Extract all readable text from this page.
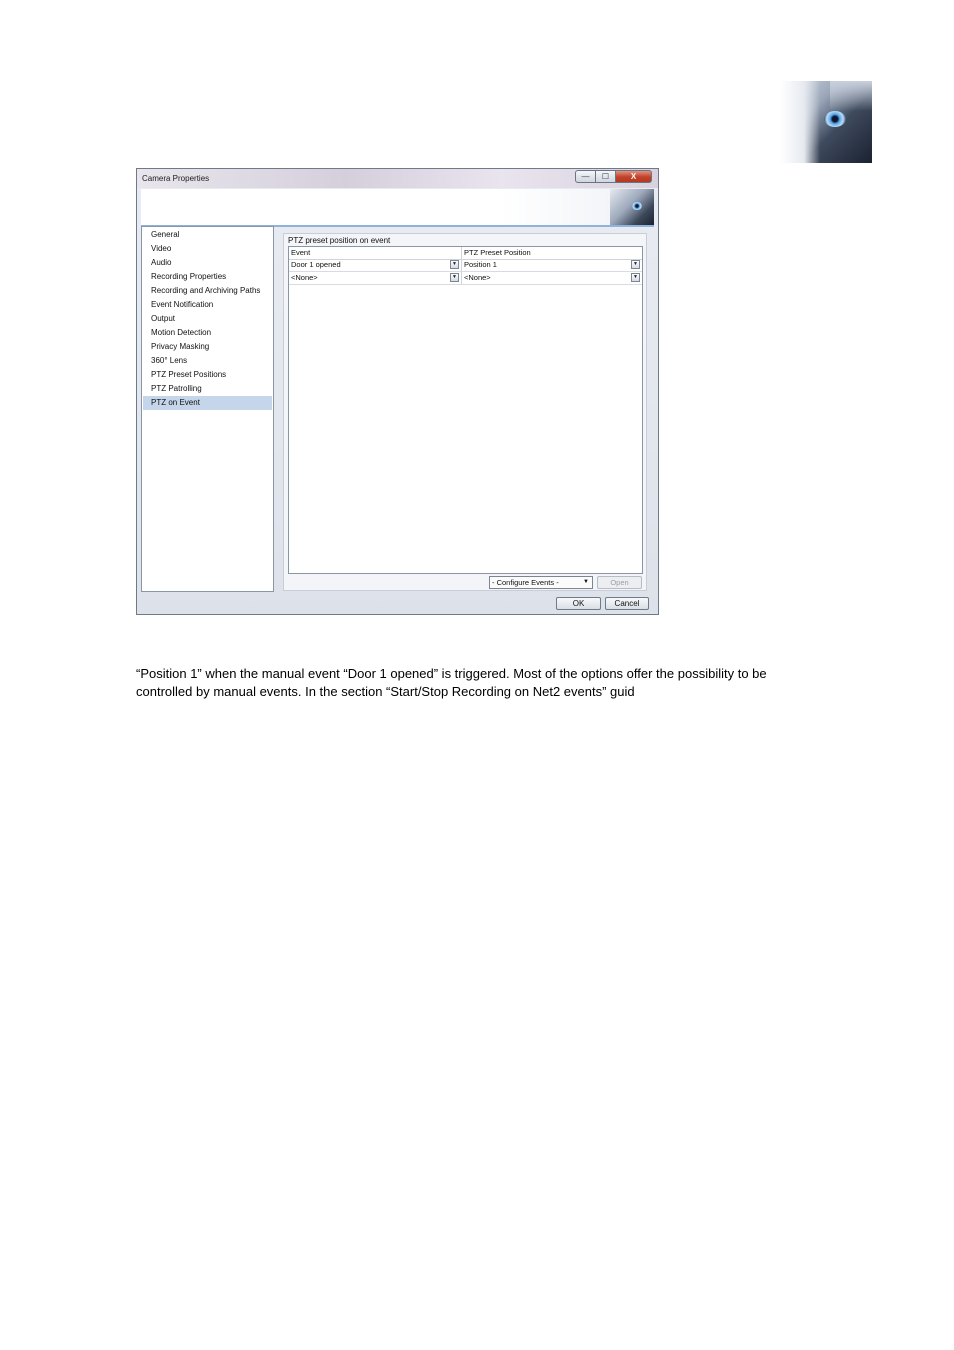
Camera Properties	— ☐	X
General
Video
Audio
Recording Properties
Recording and Archiving Paths
Event Notification
Output
Motion Detection
Privacy Masking
360° Lens
PTZ Preset Positions
PTZ Patrolling
PTZ on Event
PTZ preset position on event
Event	PTZ Preset Position
Door 1 opened	▼ Position 1	▼
<None>	▼ <None>	▼
- Configure Events -	▼	Open
OK	Cancel

“Position 1” when the manual event “Door 1 opened” is triggered. Most of the options offer the possibility to be

controlled by manual events. In the section “Start/Stop Recording on Net2 events” guid
